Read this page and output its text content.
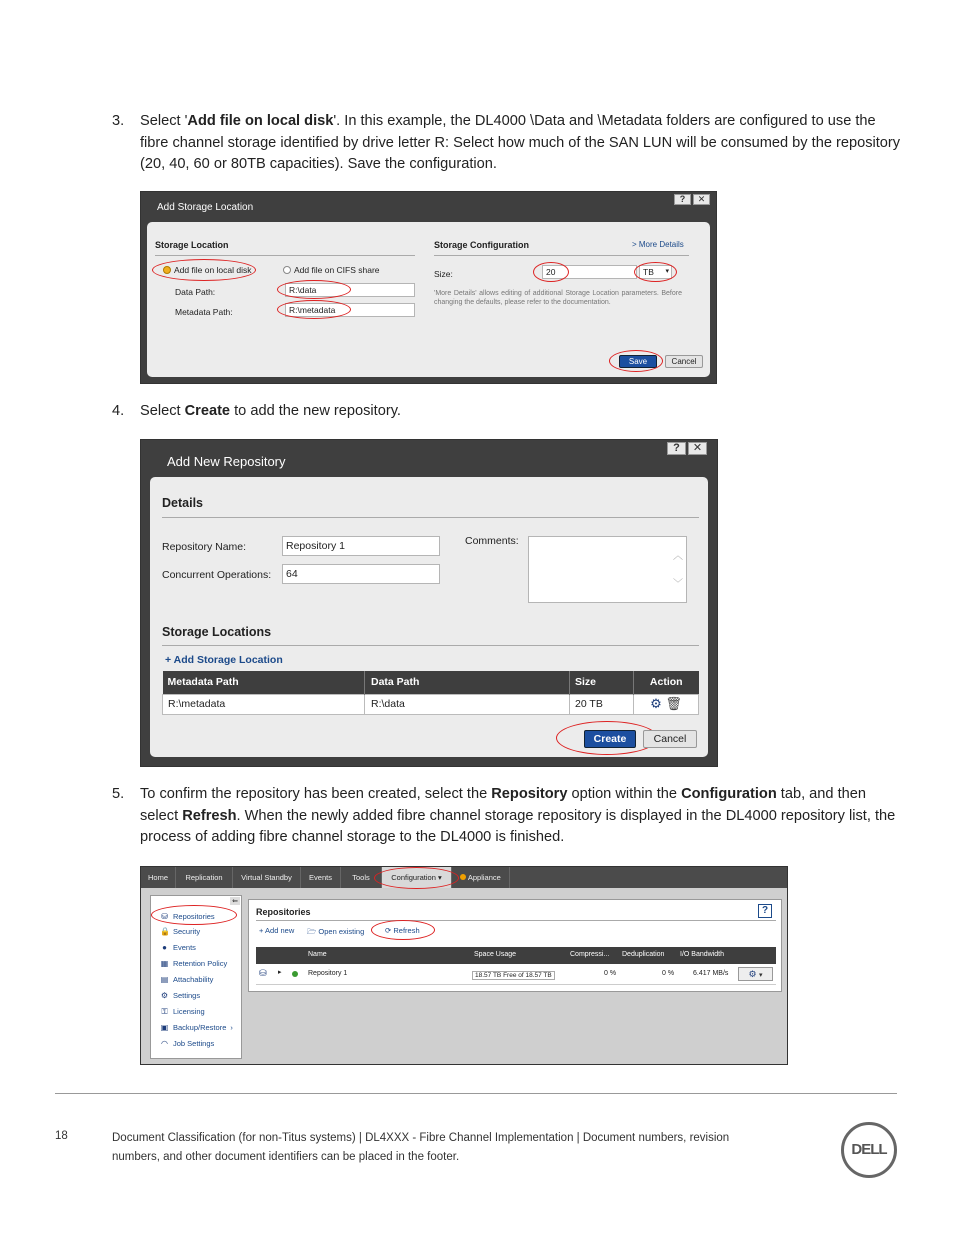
3. Select 'Add file on local disk'. In this example, the DL4000 \Data and \Metadata folders are configured to use the fibre channel storage identified by drive letter R: Select how much of the SAN LUN will be consumed by the repository (20, 40, 60 or 80TB capacities). Save the configuration.
Add Storage Location
?	✕
Storage Location
Add file on local disk	Add file on CIFS share
Data Path:	R:\data
Metadata Path:	R:\metadata
Storage Configuration	> More Details
Size:	20	TB ▾
'More Details' allows editing of additional Storage Location parameters. Before changing the defaults, please refer to the documentation.
Save	Cancel
4. Select Create to add the new repository.
Add New Repository
?	✕
Details
Repository Name:	Repository 1
Concurrent Operations:	64
Comments:
︿
﹀
Storage Locations
+ Add Storage Location
Metadata Path	Data Path	Size	Action
R:\metadata	R:\data	20 TB	⚙ 🗑
Create	Cancel
5. To confirm the repository has been created, select the Repository option within the Configuration tab, and then select Refresh. When the newly added fibre channel storage repository is displayed in the DL4000 repository list, the process of adding fibre channel storage to the DL4000 is finished.
Home	Replication	Virtual Standby	Events	Tools	Configuration ▾	Appliance
⇐
⛁ Repositories
🔒 Security
● Events
▦ Retention Policy
▤ Attachability
⚙ Settings
⚿ Licensing
▣ Backup/Restore ›
◠ Job Settings
Repositories	?
+ Add new 🗁 Open existing	⟳ Refresh
Name	Space Usage	Compressi... Deduplication I/O Bandwidth
⛁ ▸	Repository 1	18.57 TB Free of 18.57 TB	0 %	0 %	6.417 MB/s	⚙ ▾
18	Document Classification (for non-Titus systems) | DL4XXX - Fibre Channel Implementation | Document numbers, revision numbers, and other document identifiers can be placed in the footer.	DELL
